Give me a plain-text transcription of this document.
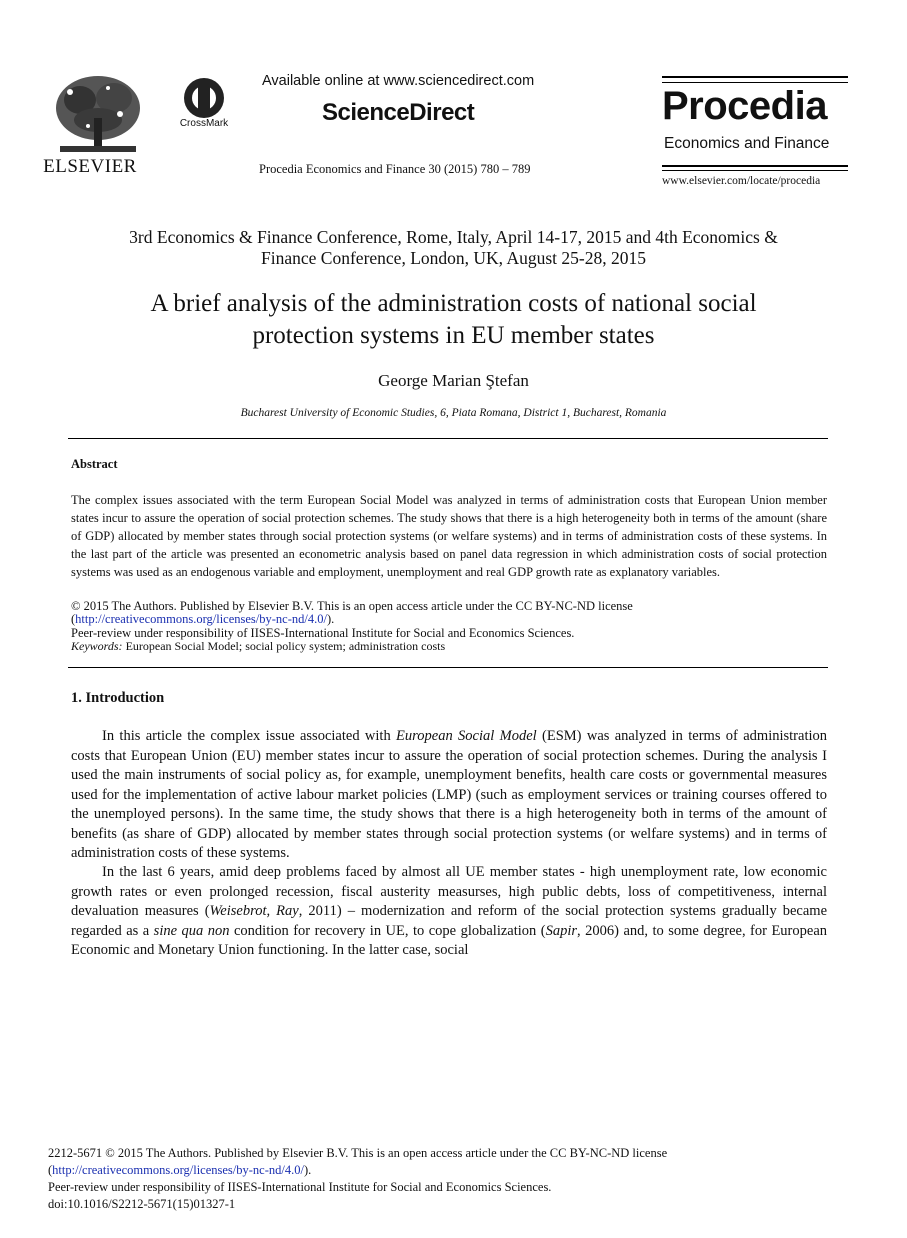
ELSEVIER
CrossMark
Available online at www.sciencedirect.com
ScienceDirect
Procedia Economics and Finance 30 (2015) 780 – 789
Procedia
Economics and Finance
www.elsevier.com/locate/procedia
3rd Economics & Finance Conference, Rome, Italy, April 14-17, 2015 and 4th Economics &
Finance Conference, London, UK, August 25-28, 2015
A brief analysis of the administration costs of national social
protection systems in EU member states
George Marian Ştefan
Bucharest University of Economic Studies, 6, Piata Romana, District 1, Bucharest, Romania
Abstract
The complex issues associated with the term European Social Model was analyzed in terms of administration costs that European Union member states incur to assure the operation of social protection schemes. The study shows that there is a high heterogeneity both in terms of the amount (share of GDP) allocated by member states through social protection systems (or welfare systems) and in terms of administration costs of these systems. In the last part of the article was presented an econometric analysis based on panel data regression in which administration costs of social protection systems was used as an endogenous variable and employment, unemployment and real GDP growth rate as explanatory variables.
© 2015 The Authors. Published by Elsevier B.V. This is an open access article under the CC BY-NC-ND license
(http://creativecommons.org/licenses/by-nc-nd/4.0/).
Peer-review under responsibility of IISES-International Institute for Social and Economics Sciences.
Keywords: European Social Model; social policy system; administration costs
1. Introduction
In this article the complex issue associated with European Social Model (ESM) was analyzed in terms of administration costs that European Union (EU) member states incur to assure the operation of social protection schemes. During the analysis I used the main instruments of social policy as, for example, unemployment benefits, health care costs or governmental measures used for the implementation of active labour market policies (LMP) (such as employment services or training courses offered to the unemployed persons). In the same time, the study shows that there is a high heterogeneity both in terms of the amount of benefits (as share of GDP) allocated by member states through social protection systems (or welfare systems) and in terms of administration costs of these systems.
In the last 6 years, amid deep problems faced by almost all UE member states - high unemployment rate, low economic growth rates or even prolonged recession, fiscal austerity measurses, high public debts, loss of competitiveness, internal devaluation measures (Weisebrot, Ray, 2011) – modernization and reform of the social protection systems gradually became regarded as a sine qua non condition for recovery in UE, to cope globalization (Sapir, 2006) and, to some degree, for European Economic and Monetary Union functioning. In the latter case, social
2212-5671 © 2015 The Authors. Published by Elsevier B.V. This is an open access article under the CC BY-NC-ND license
(http://creativecommons.org/licenses/by-nc-nd/4.0/).
Peer-review under responsibility of IISES-International Institute for Social and Economics Sciences.
doi:10.1016/S2212-5671(15)01327-1
